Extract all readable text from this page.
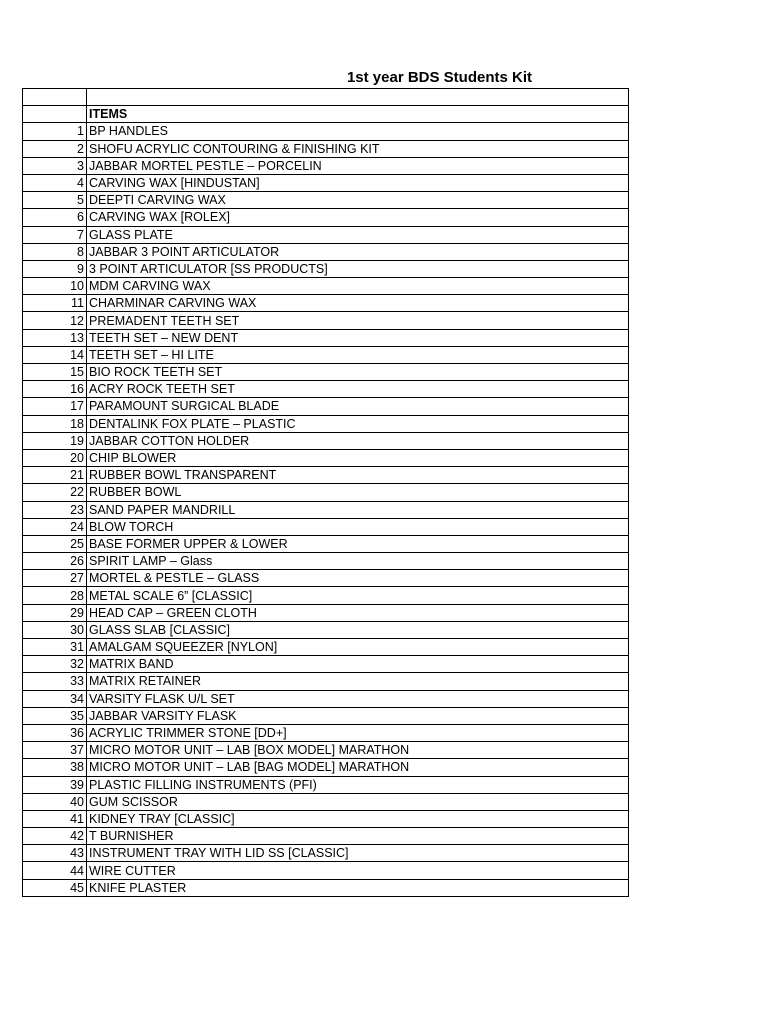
1st year BDS Students Kit

	ITEMS
1	BP HANDLES
2	SHOFU ACRYLIC CONTOURING & FINISHING KIT
3	JABBAR MORTEL PESTLE – PORCELIN
4	CARVING WAX [HINDUSTAN]
5	DEEPTI CARVING WAX
6	CARVING WAX [ROLEX]
7	GLASS PLATE
8	JABBAR 3 POINT ARTICULATOR
9	3 POINT ARTICULATOR [SS PRODUCTS]
10	MDM CARVING WAX
11	CHARMINAR CARVING WAX
12	PREMADENT TEETH SET
13	TEETH SET – NEW DENT
14	TEETH SET – HI LITE
15	BIO ROCK TEETH SET
16	ACRY ROCK TEETH SET
17	PARAMOUNT SURGICAL BLADE
18	DENTALINK FOX PLATE – PLASTIC
19	JABBAR COTTON HOLDER
20	CHIP BLOWER
21	RUBBER BOWL TRANSPARENT
22	RUBBER BOWL
23	SAND PAPER MANDRILL
24	BLOW TORCH
25	BASE FORMER UPPER & LOWER
26	SPIRIT LAMP – Glass
27	MORTEL & PESTLE – GLASS
28	METAL SCALE 6” [CLASSIC]
29	HEAD CAP – GREEN CLOTH
30	GLASS SLAB [CLASSIC]
31	AMALGAM SQUEEZER [NYLON]
32	MATRIX BAND
33	MATRIX RETAINER
34	VARSITY FLASK U/L SET
35	JABBAR VARSITY FLASK
36	ACRYLIC TRIMMER STONE [DD+]
37	MICRO MOTOR UNIT – LAB [BOX MODEL] MARATHON
38	MICRO MOTOR UNIT – LAB [BAG MODEL] MARATHON
39	PLASTIC FILLING INSTRUMENTS (PFI)
40	GUM SCISSOR
41	KIDNEY TRAY [CLASSIC]
42	T BURNISHER
43	INSTRUMENT TRAY WITH LID SS [CLASSIC]
44	WIRE CUTTER
45	KNIFE PLASTER
